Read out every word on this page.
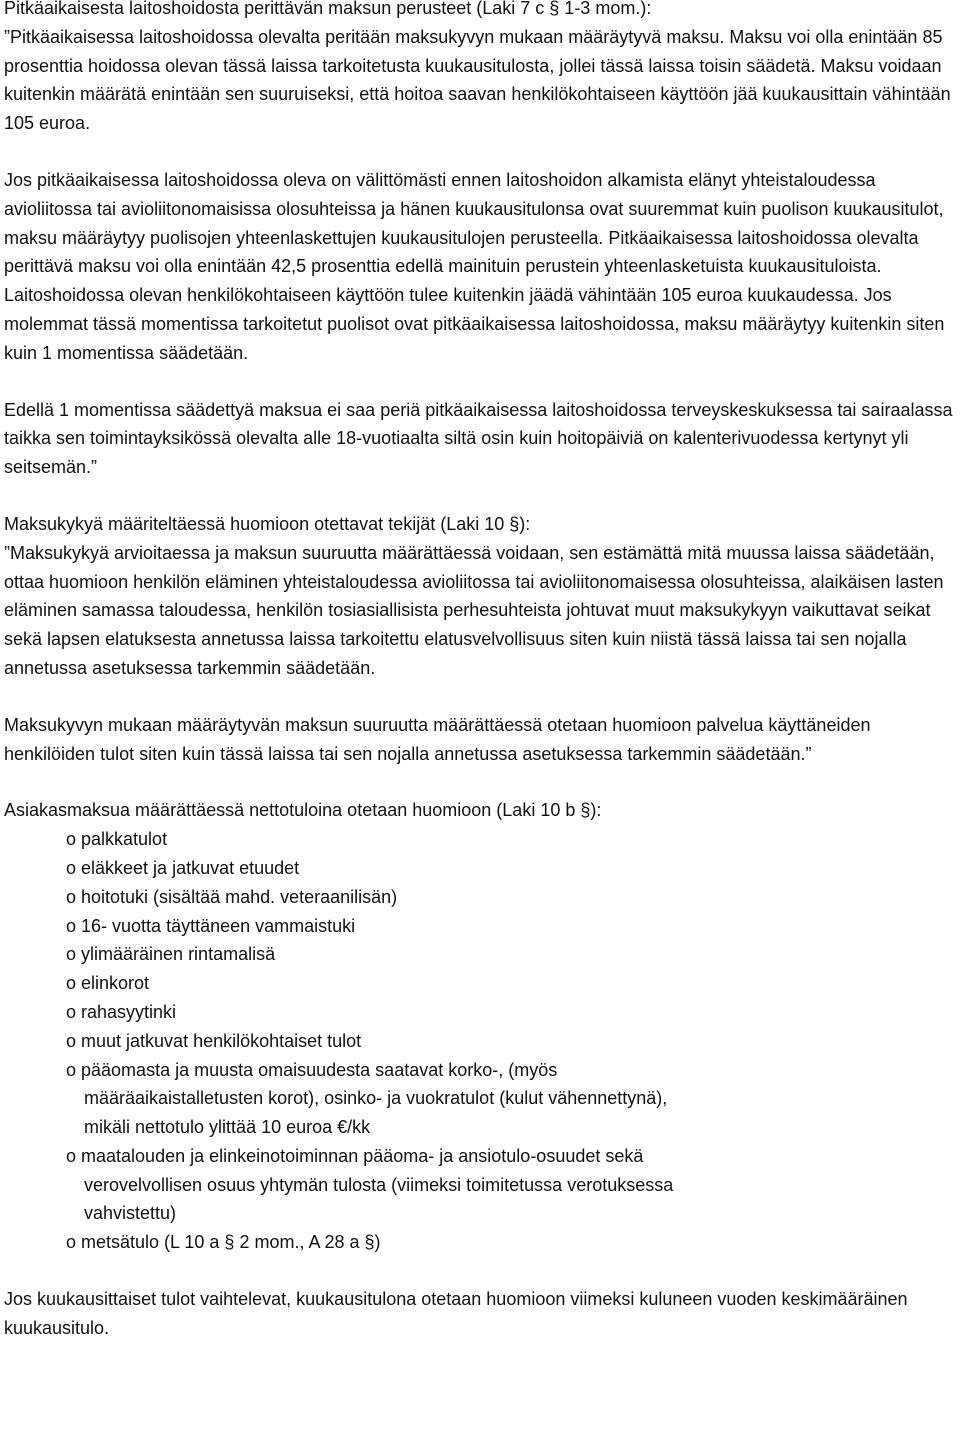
Pitkäaikaisesta laitoshoidosta perittävän maksun perusteet (Laki 7 c § 1-3 mom.):
”Pitkäaikaisessa laitoshoidossa olevalta peritään maksukyvyn mukaan määräytyvä maksu. Maksu voi olla enintään 85 prosenttia hoidossa olevan tässä laissa tarkoitetusta kuukausitulosta, jollei tässä laissa toisin säädetä. Maksu voidaan kuitenkin määrätä enintään sen suuruiseksi, että hoitoa saavan henkilökohtaiseen käyttöön jää kuukausittain vähintään 105 euroa.

Jos pitkäaikaisessa laitoshoidossa oleva on välittömästi ennen laitoshoidon alkamista elänyt yhteistaloudessa avioliitossa tai avioliitonomaisissa olosuhteissa ja hänen kuukausitulonsa ovat suuremmat kuin puolison kuukausitulot, maksu määräytyy puolisojen yhteenlaskettujen kuukausitulojen perusteella. Pitkäaikaisessa laitoshoidossa olevalta perittävä maksu voi olla enintään 42,5 prosenttia edellä mainituin perustein yhteenlasketuista kuukausituloista. Laitoshoidossa olevan henkilökohtaiseen käyttöön tulee kuitenkin jäädä vähintään 105 euroa kuukaudessa. Jos molemmat tässä momentissa tarkoitetut puolisot ovat pitkäaikaisessa laitoshoidossa, maksu määräytyy kuitenkin siten kuin 1 momentissa säädetään.

Edellä 1 momentissa säädettyä maksua ei saa periä pitkäaikaisessa laitoshoidossa terveyskeskuksessa tai sairaalassa taikka sen toimintayksikössä olevalta alle 18-vuotiaalta siltä osin kuin hoitopäiviä on kalenterivuodessa kertynyt yli seitsemän.”

Maksukykyä määriteltäessä huomioon otettavat tekijät (Laki 10 §):
”Maksukykyä arvioitaessa ja maksun suuruutta määrättäessä voidaan, sen estämättä mitä muussa laissa säädetään, ottaa huomioon henkilön eläminen yhteistaloudessa avioliitossa tai avioliitonomaisessa olosuhteissa, alaikäisen lasten eläminen samassa taloudessa, henkilön tosiasiallisista perhesuhteista johtuvat muut maksukykyyn vaikuttavat seikat sekä lapsen elatuksesta annetussa laissa tarkoitettu elatusvelvollisuus siten kuin niistä tässä laissa tai sen nojalla annetussa asetuksessa tarkemmin säädetään.

Maksukyvyn mukaan määräytyvän maksun suuruutta määrättäessä otetaan huomioon palvelua käyttäneiden henkilöiden tulot siten kuin tässä laissa tai sen nojalla annetussa asetuksessa tarkemmin säädetään.”

Asiakasmaksua määrättäessä nettotuloina otetaan huomioon (Laki 10 b §):

o palkkatulot
o eläkkeet ja jatkuvat etuudet
o hoitotuki (sisältää mahd. veteraanilisän)
o 16- vuotta täyttäneen vammaistuki
o ylimääräinen rintamalisä
o elinkorot
o rahasyytinki
o muut jatkuvat henkilökohtaiset tulot
o pääomasta ja muusta omaisuudesta saatavat korko-, (myös
määräaikaistalletusten korot), osinko- ja vuokratulot (kulut vähennettynä),
mikäli nettotulo ylittää 10 euroa €/kk
o maatalouden ja elinkeinotoiminnan pääoma- ja ansiotulo-osuudet sekä
verovelvollisen osuus yhtymän tulosta (viimeksi toimitetussa verotuksessa
vahvistettu)
o metsätulo (L 10 a § 2 mom., A 28 a §)

Jos kuukausittaiset tulot vaihtelevat, kuukausitulona otetaan huomioon viimeksi kuluneen vuoden keskimääräinen kuukausitulo.
